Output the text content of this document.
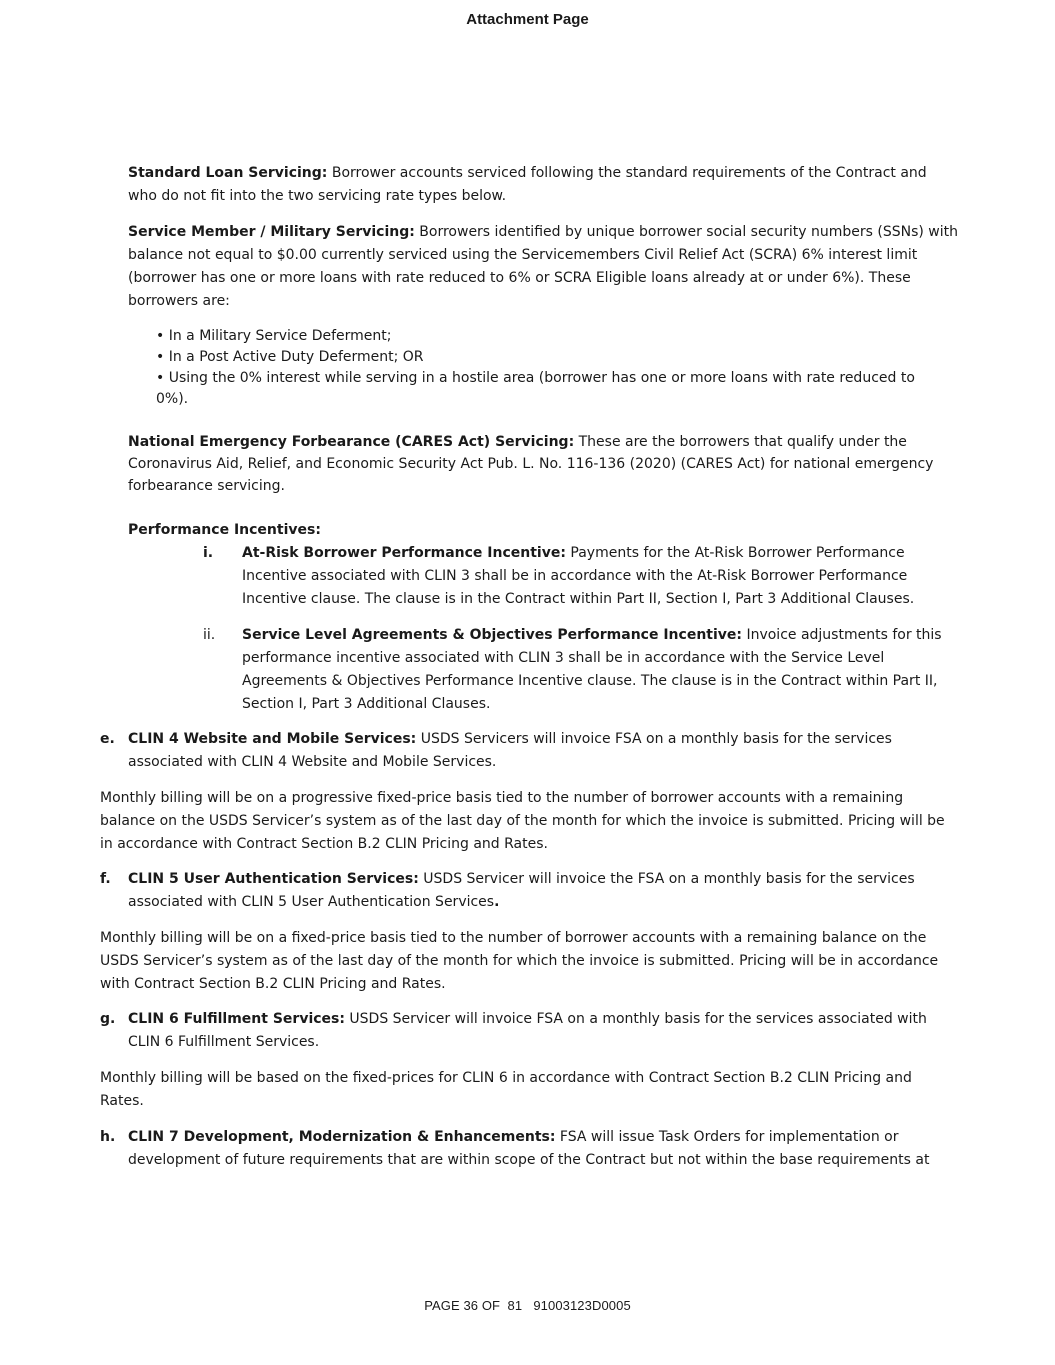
Attachment Page
Standard Loan Servicing: Borrower accounts serviced following the standard requirements of the Contract and who do not fit into the two servicing rate types below.
Service Member / Military Servicing: Borrowers identified by unique borrower social security numbers (SSNs) with balance not equal to $0.00 currently serviced using the Servicemembers Civil Relief Act (SCRA) 6% interest limit (borrower has one or more loans with rate reduced to 6% or SCRA Eligible loans already at or under 6%). These borrowers are:
• In a Military Service Deferment;
• In a Post Active Duty Deferment; OR
• Using the 0% interest while serving in a hostile area (borrower has one or more loans with rate reduced to 0%).
National Emergency Forbearance (CARES Act) Servicing: These are the borrowers that qualify under the Coronavirus Aid, Relief, and Economic Security Act Pub. L. No. 116-136 (2020) (CARES Act) for national emergency forbearance servicing.
Performance Incentives:
i.	At-Risk Borrower Performance Incentive: Payments for the At-Risk Borrower Performance Incentive associated with CLIN 3 shall be in accordance with the At-Risk Borrower Performance Incentive clause. The clause is in the Contract within Part II, Section I, Part 3 Additional Clauses.
ii.	Service Level Agreements & Objectives Performance Incentive: Invoice adjustments for this performance incentive associated with CLIN 3 shall be in accordance with the Service Level Agreements & Objectives Performance Incentive clause. The clause is in the Contract within Part II, Section I, Part 3 Additional Clauses.
e. CLIN 4 Website and Mobile Services: USDS Servicers will invoice FSA on a monthly basis for the services associated with CLIN 4 Website and Mobile Services.
Monthly billing will be on a progressive fixed-price basis tied to the number of borrower accounts with a remaining balance on the USDS Servicer’s system as of the last day of the month for which the invoice is submitted. Pricing will be in accordance with Contract Section B.2 CLIN Pricing and Rates.
f. CLIN 5 User Authentication Services: USDS Servicer will invoice the FSA on a monthly basis for the services associated with CLIN 5 User Authentication Services.
Monthly billing will be on a fixed-price basis tied to the number of borrower accounts with a remaining balance on the USDS Servicer’s system as of the last day of the month for which the invoice is submitted. Pricing will be in accordance with Contract Section B.2 CLIN Pricing and Rates.
g. CLIN 6 Fulfillment Services: USDS Servicer will invoice FSA on a monthly basis for the services associated with CLIN 6 Fulfillment Services.
Monthly billing will be based on the fixed-prices for CLIN 6 in accordance with Contract Section B.2 CLIN Pricing and Rates.
h. CLIN 7 Development, Modernization & Enhancements: FSA will issue Task Orders for implementation or development of future requirements that are within scope of the Contract but not within the base requirements at
PAGE 36 OF  81 91003123D0005
